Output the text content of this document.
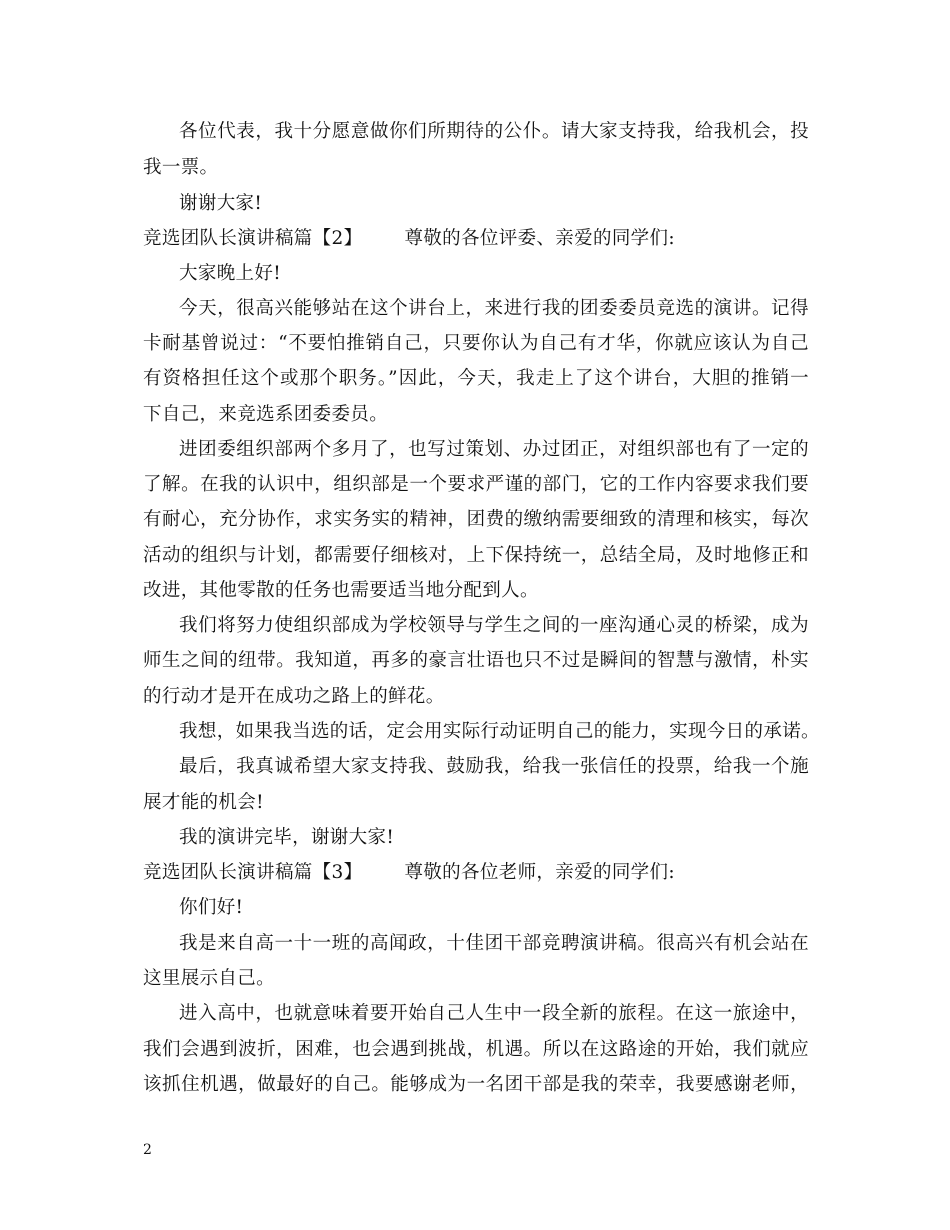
各位代表，我十分愿意做你们所期待的公仆。请大家支持我，给我机会，投
我一票。
谢谢大家!
竞选团队长演讲稿篇【2】 尊敬的各位评委、亲爱的同学们:
大家晚上好!
今天，很高兴能够站在这个讲台上，来进行我的团委委员竞选的演讲。记得
卡耐基曾说过：“不要怕推销自己，只要你认为自己有才华，你就应该认为自己
有资格担任这个或那个职务。”因此，今天，我走上了这个讲台，大胆的推销一
下自己，来竞选系团委委员。
进团委组织部两个多月了，也写过策划、办过团正，对组织部也有了一定的
了解。在我的认识中，组织部是一个要求严谨的部门，它的工作内容要求我们要
有耐心，充分协作，求实务实的精神，团费的缴纳需要细致的清理和核实，每次
活动的组织与计划，都需要仔细核对，上下保持统一，总结全局，及时地修正和
改进，其他零散的任务也需要适当地分配到人。
我们将努力使组织部成为学校领导与学生之间的一座沟通心灵的桥梁，成为
师生之间的纽带。我知道，再多的豪言壮语也只不过是瞬间的智慧与激情，朴实
的行动才是开在成功之路上的鲜花。
我想，如果我当选的话，定会用实际行动证明自己的能力，实现今日的承诺。
最后，我真诚希望大家支持我、鼓励我，给我一张信任的投票，给我一个施
展才能的机会!
我的演讲完毕，谢谢大家!
竞选团队长演讲稿篇【3】 尊敬的各位老师，亲爱的同学们:
你们好!
我是来自高一十一班的高闻政，十佳团干部竞聘演讲稿。很高兴有机会站在
这里展示自己。
进入高中，也就意味着要开始自己人生中一段全新的旅程。在这一旅途中，
我们会遇到波折，困难，也会遇到挑战，机遇。所以在这路途的开始，我们就应
该抓住机遇，做最好的自己。能够成为一名团干部是我的荣幸，我要感谢老师，
2
